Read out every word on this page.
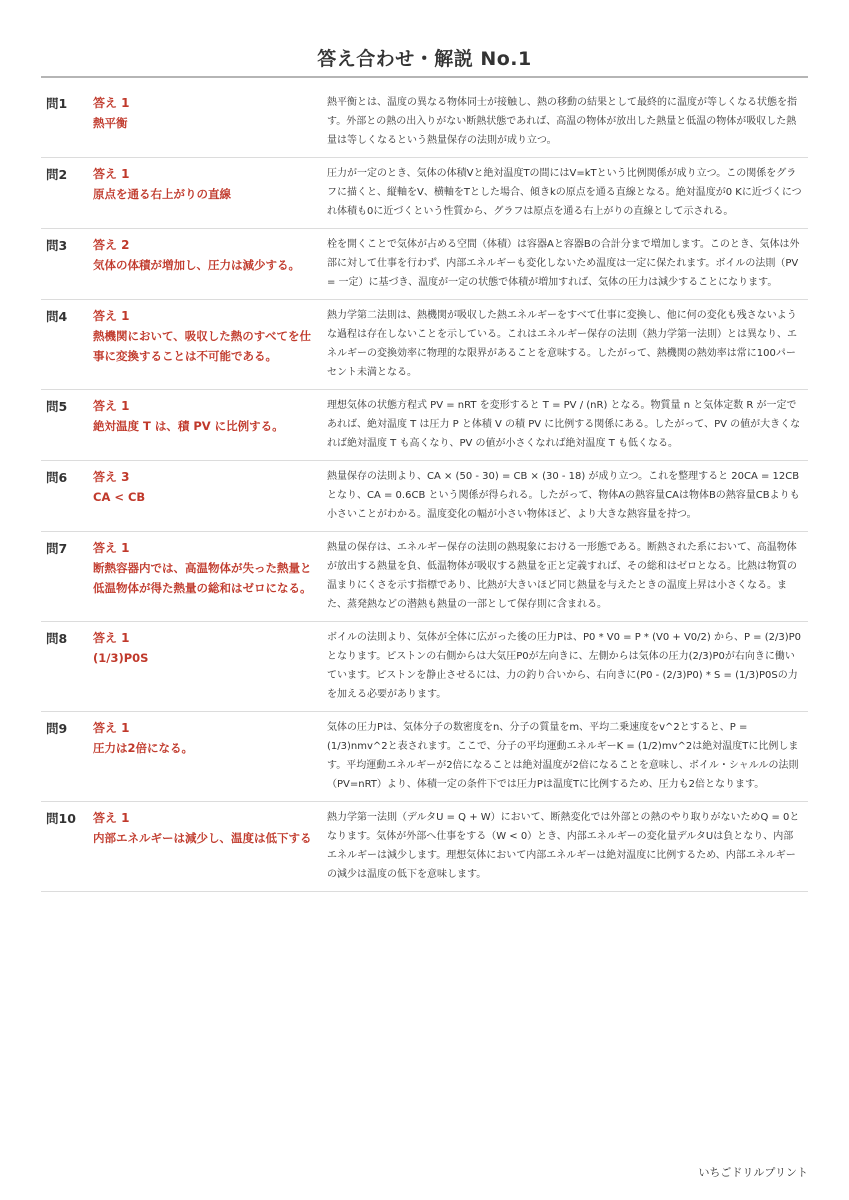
答え合わせ・解説 No.1
問1	答え 1
熱平衡
熱平衡とは、温度の異なる物体同士が接触し、熱の移動の結果として最終的に温度が等しくなる状態を指す。外部との熱の出入りがない断熱状態であれば、高温の物体が放出した熱量と低温の物体が吸収した熱量は等しくなるという熱量保存の法則が成り立つ。
問2	答え 1
原点を通る右上がりの直線
圧力が一定のとき、気体の体積Vと絶対温度Tの間にはV=kTという比例関係が成り立つ。この関係をグラフに描くと、縦軸をV、横軸をTとした場合、傾きkの原点を通る直線となる。絶対温度が0 Kに近づくにつれ体積も0に近づくという性質から、グラフは原点を通る右上がりの直線として示される。
問3	答え 2
気体の体積が増加し、圧力は減少する。
栓を開くことで気体が占める空間（体積）は容器Aと容器Bの合計分まで増加します。このとき、気体は外部に対して仕事を行わず、内部エネルギーも変化しないため温度は一定に保たれます。ボイルの法則（PV = 一定）に基づき、温度が一定の状態で体積が増加すれば、気体の圧力は減少することになります。
問4	答え 1
熱機関において、吸収した熱のすべてを仕事に変換することは不可能である。
熱力学第二法則は、熱機関が吸収した熱エネルギーをすべて仕事に変換し、他に何の変化も残さないような過程は存在しないことを示している。これはエネルギー保存の法則（熱力学第一法則）とは異なり、エネルギーの変換効率に物理的な限界があることを意味する。したがって、熱機関の熱効率は常に100パーセント未満となる。
問5	答え 1
絶対温度 T は、積 PV に比例する。
理想気体の状態方程式 PV = nRT を変形すると T = PV / (nR) となる。物質量 n と気体定数 R が一定であれば、絶対温度 T は圧力 P と体積 V の積 PV に比例する関係にある。したがって、PV の値が大きくなれば絶対温度 T も高くなり、PV の値が小さくなれば絶対温度 T も低くなる。
問6	答え 3
CA < CB
熱量保存の法則より、CA × (50 - 30) = CB × (30 - 18) が成り立つ。これを整理すると 20CA = 12CB となり、CA = 0.6CB という関係が得られる。したがって、物体Aの熱容量CAは物体Bの熱容量CBよりも小さいことがわかる。温度変化の幅が小さい物体ほど、より大きな熱容量を持つ。
問7	答え 1
断熱容器内では、高温物体が失った熱量と低温物体が得た熱量の総和はゼロになる。
熱量の保存は、エネルギー保存の法則の熱現象における一形態である。断熱された系において、高温物体が放出する熱量を負、低温物体が吸収する熱量を正と定義すれば、その総和はゼロとなる。比熱は物質の温まりにくさを示す指標であり、比熱が大きいほど同じ熱量を与えたときの温度上昇は小さくなる。また、蒸発熱などの潜熱も熱量の一部として保存則に含まれる。
問8	答え 1
(1/3)P0S
ボイルの法則より、気体が全体に広がった後の圧力Pは、P0 * V0 = P * (V0 + V0/2) から、P = (2/3)P0となります。ピストンの右側からは大気圧P0が左向きに、左側からは気体の圧力(2/3)P0が右向きに働いています。ピストンを静止させるには、力の釣り合いから、右向きに(P0 - (2/3)P0) * S = (1/3)P0Sの力を加える必要があります。
問9	答え 1
圧力は2倍になる。
気体の圧力Pは、気体分子の数密度をn、分子の質量をm、平均二乗速度をv^2とすると、P = (1/3)nmv^2と表されます。ここで、分子の平均運動エネルギーK = (1/2)mv^2は絶対温度Tに比例します。平均運動エネルギーが2倍になることは絶対温度が2倍になることを意味し、ボイル・シャルルの法則（PV=nRT）より、体積一定の条件下では圧力Pは温度Tに比例するため、圧力も2倍となります。
問10	答え 1
内部エネルギーは減少し、温度は低下する
熱力学第一法則（デルタU = Q + W）において、断熱変化では外部との熱のやり取りがないためQ = 0となります。気体が外部へ仕事をする（W < 0）とき、内部エネルギーの変化量デルタUは負となり、内部エネルギーは減少します。理想気体において内部エネルギーは絶対温度に比例するため、内部エネルギーの減少は温度の低下を意味します。
いちごドリルプリント
